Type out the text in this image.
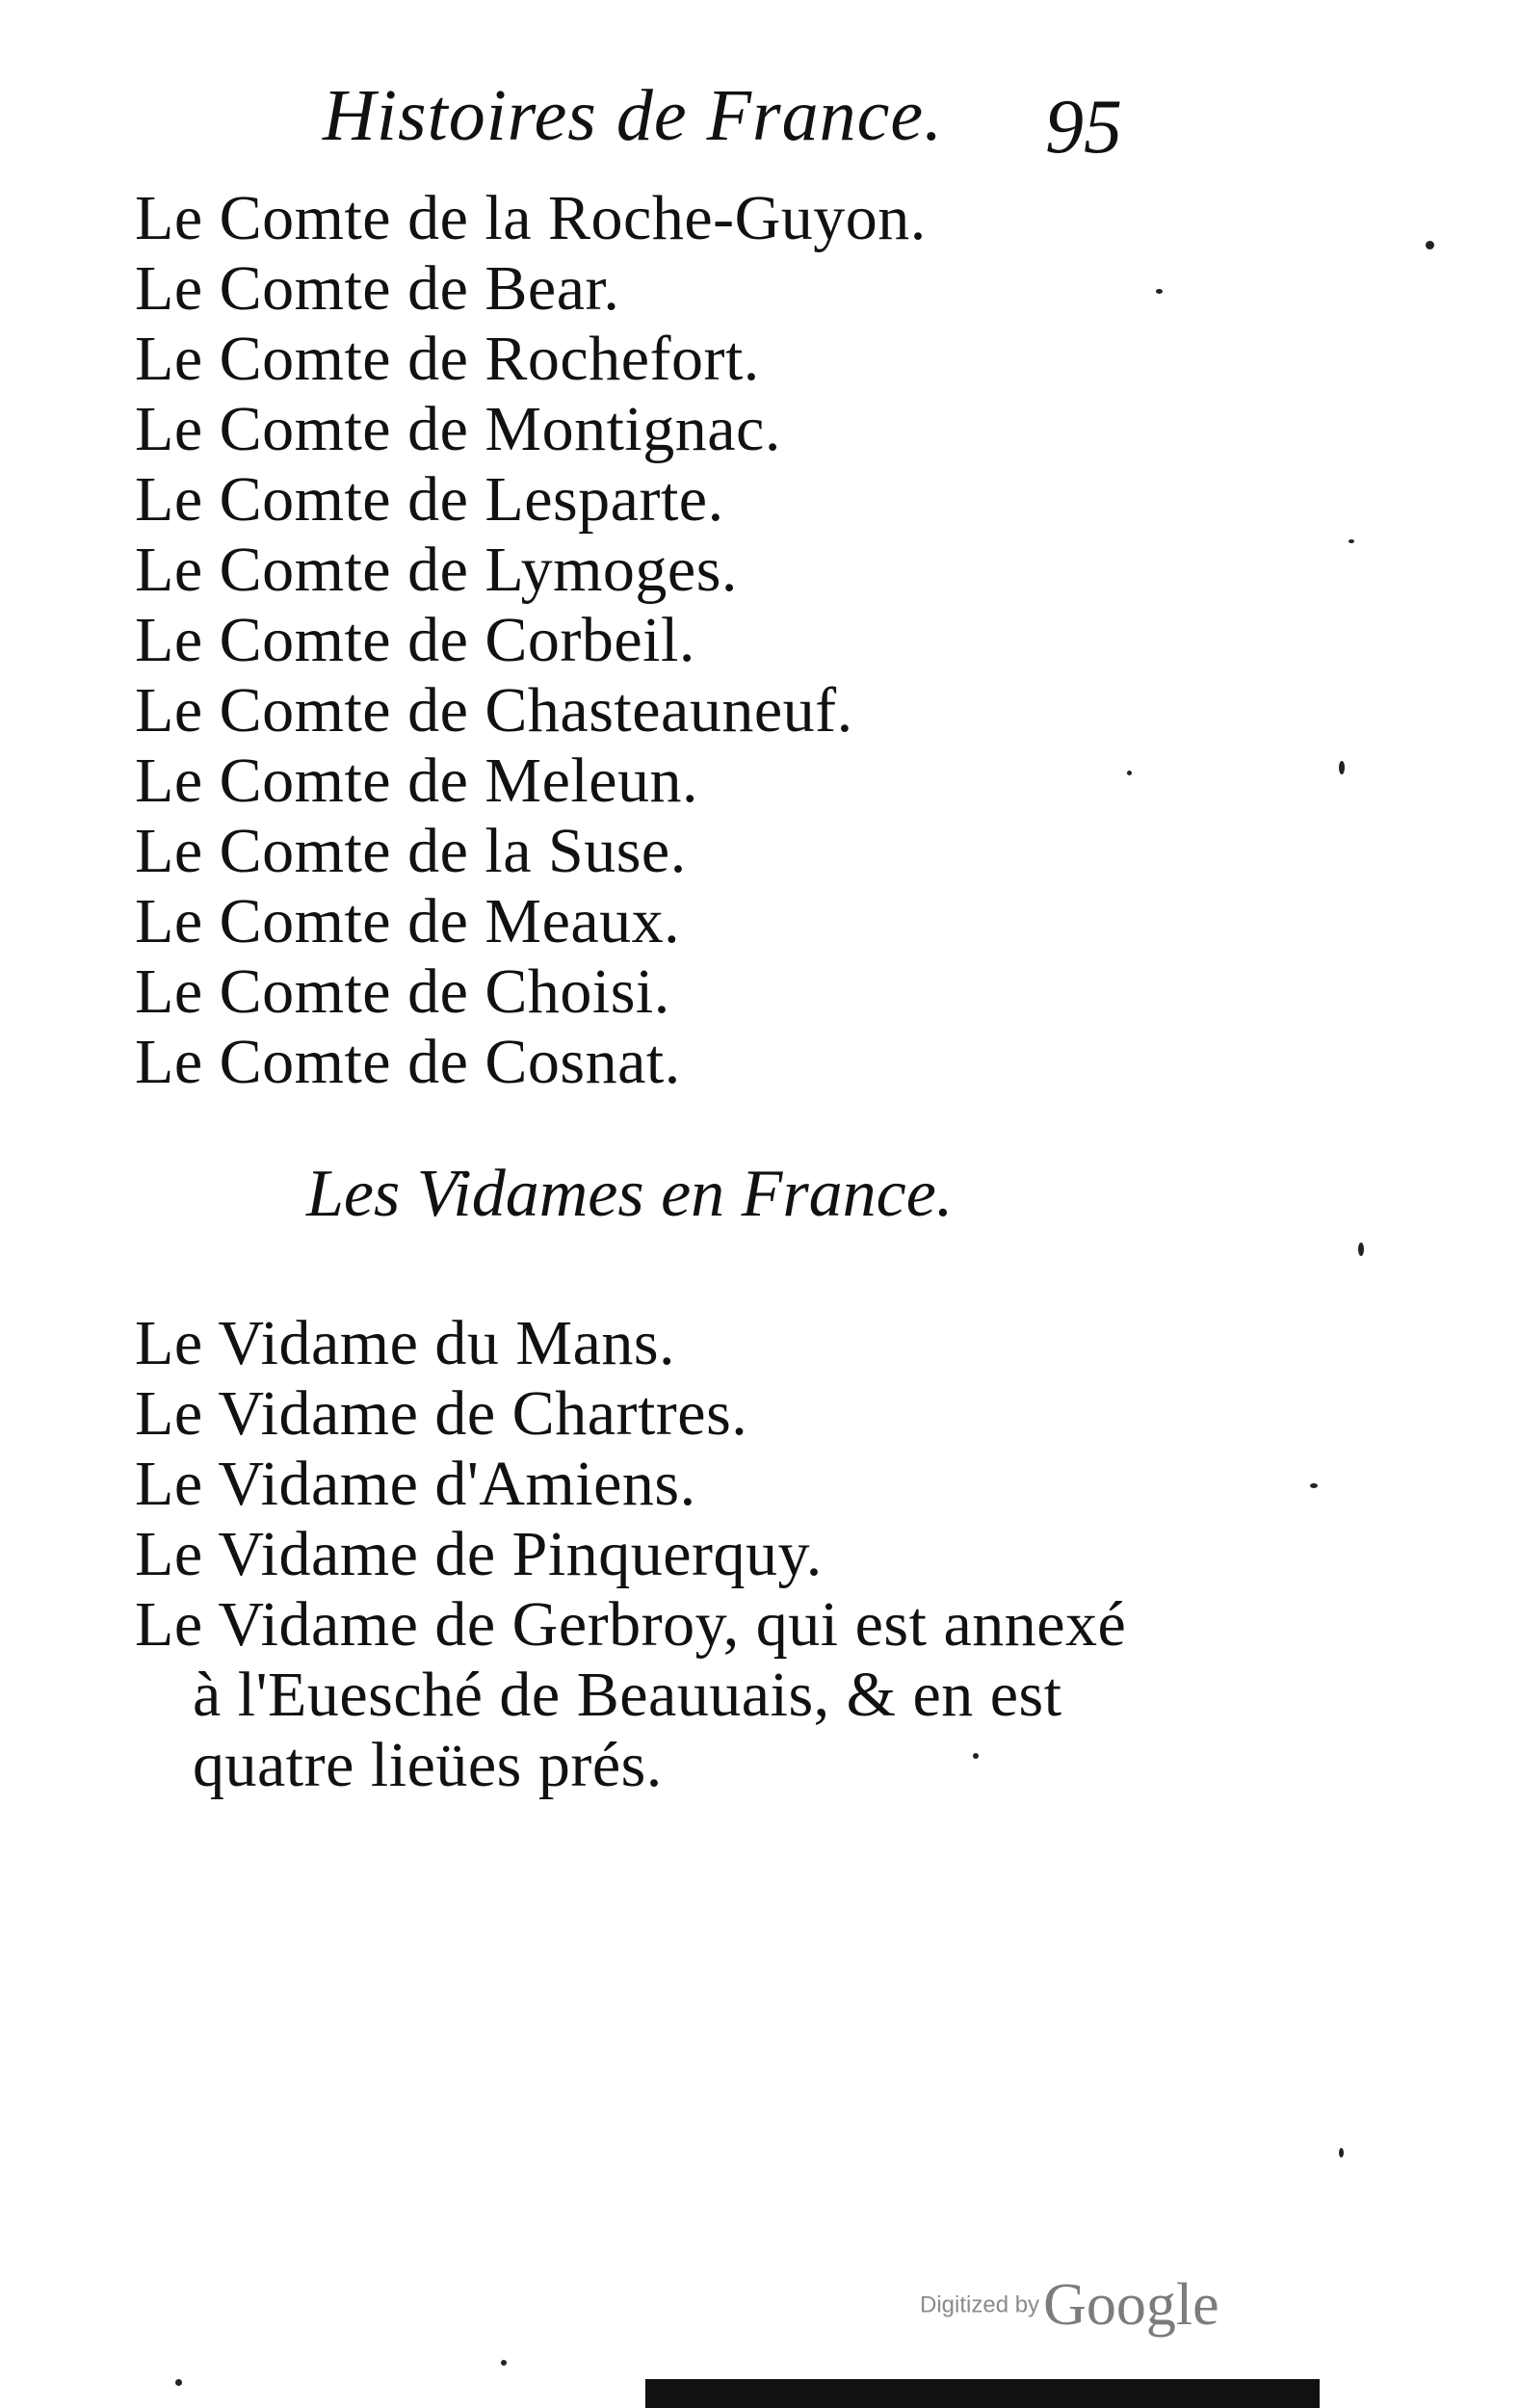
Histoires de France. 95
Le Comte de la Roche-Guyon.
Le Comte de Bear.
Le Comte de Rochefort.
Le Comte de Montignac.
Le Comte de Lesparte.
Le Comte de Lymoges.
Le Comte de Corbeil.
Le Comte de Chasteauneuf.
Le Comte de Meleun.
Le Comte de la Suse.
Le Comte de Meaux.
Le Comte de Choisi.
Le Comte de Cosnat.
Les Vidames en France.
Le Vidame du Mans.
Le Vidame de Chartres.
Le Vidame d'Amiens.
Le Vidame de Pinquerquy.
Le Vidame de Gerbroy, qui est annexé
à l'Euesché de Beauuais, & en est
quatre lieües prés.
Digitized by Google
